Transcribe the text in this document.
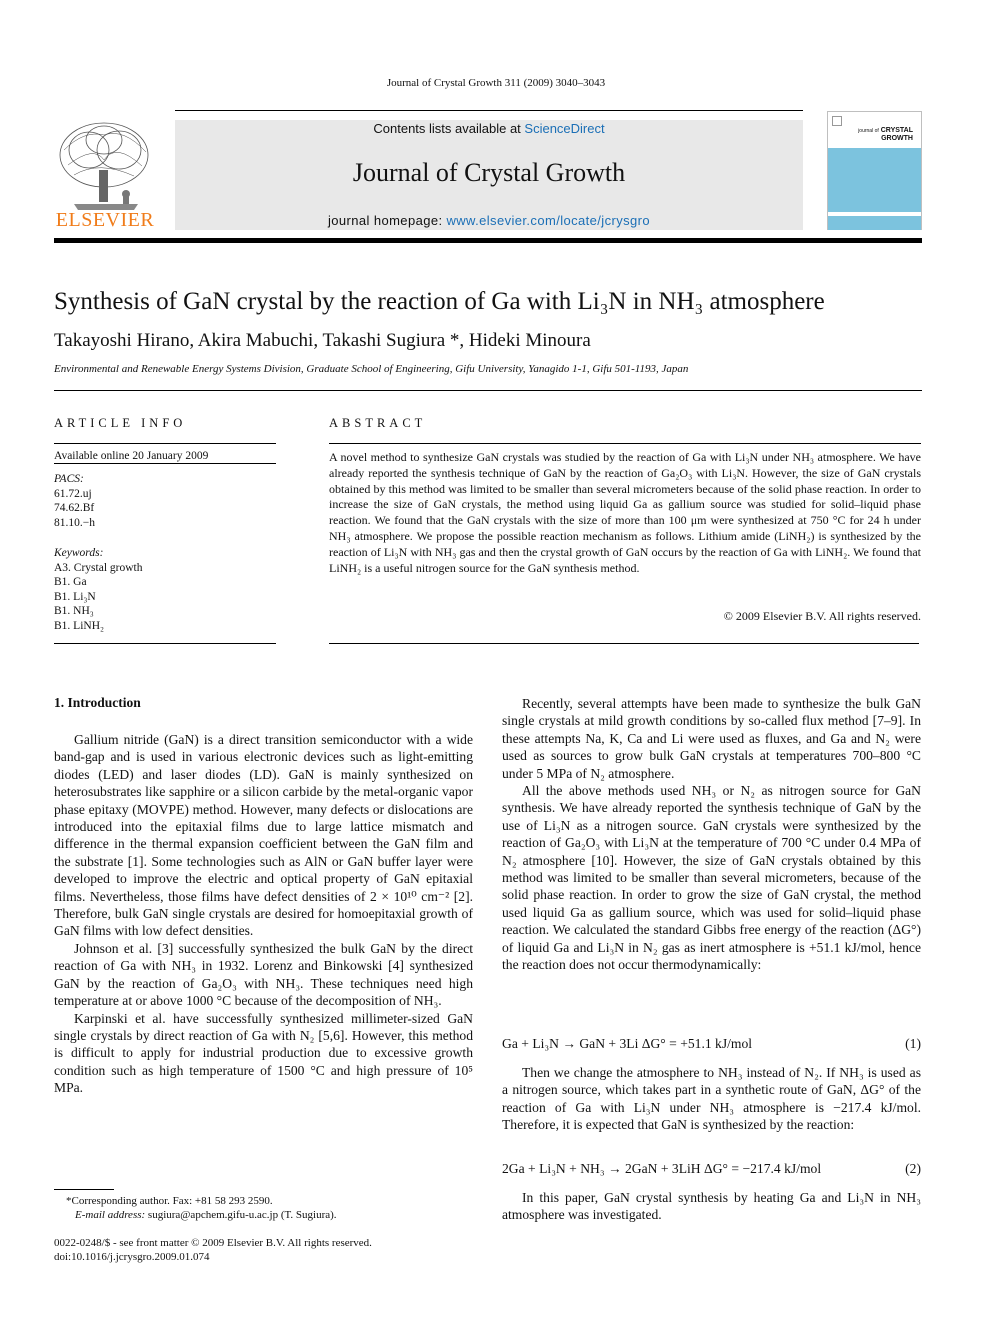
Journal of Crystal Growth 311 (2009) 3040–3043
ELSEVIER
Contents lists available at ScienceDirect
Journal of Crystal Growth
journal homepage: www.elsevier.com/locate/jcrysgro
journal of CRYSTAL
GROWTH
Synthesis of GaN crystal by the reaction of Ga with Li₃N in NH₃ atmosphere
Takayoshi Hirano, Akira Mabuchi, Takashi Sugiura *, Hideki Minoura
Environmental and Renewable Energy Systems Division, Graduate School of Engineering, Gifu University, Yanagido 1-1, Gifu 501-1193, Japan
ARTICLE INFO
Available online 20 January 2009
PACS:
61.72.uj
74.62.Bf
81.10.−h
Keywords:
A3. Crystal growth
B1. Ga
B1. Li₃N
B1. NH₃
B1. LiNH₂
ABSTRACT
A novel method to synthesize GaN crystals was studied by the reaction of Ga with Li₃N under NH₃ atmosphere. We have already reported the synthesis technique of GaN by the reaction of Ga₂O₃ with Li₃N. However, the size of GaN crystals obtained by this method was limited to be smaller than several micrometers because of the solid phase reaction. In order to increase the size of GaN crystals, the method using liquid Ga as gallium source was studied for solid–liquid phase reaction. We found that the GaN crystals with the size of more than 100 μm were synthesized at 750 °C for 24 h under NH₃ atmosphere. We propose the possible reaction mechanism as follows. Lithium amide (LiNH₂) is synthesized by the reaction of Li₃N with NH₃ gas and then the crystal growth of GaN occurs by the reaction of Ga with LiNH₂. We found that LiNH₂ is a useful nitrogen source for the GaN synthesis method.
© 2009 Elsevier B.V. All rights reserved.
1. Introduction

Gallium nitride (GaN) is a direct transition semiconductor with a wide band-gap and is used in various electronic devices such as light-emitting diodes (LED) and laser diodes (LD). GaN is mainly synthesized on heterosubstrates like sapphire or a silicon carbide by the metal-organic vapor phase epitaxy (MOVPE) method. However, many defects or dislocations are introduced into the epitaxial films due to large lattice mismatch and difference in the thermal expansion coefficient between the GaN film and the substrate [1]. Some technologies such as AlN or GaN buffer layer were developed to improve the electric and optical property of GaN epitaxial films. Nevertheless, those films have defect densities of 2 × 10¹⁰ cm⁻² [2]. Therefore, bulk GaN single crystals are desired for homoepitaxial growth of GaN films with low defect densities.

Johnson et al. [3] successfully synthesized the bulk GaN by the direct reaction of Ga with NH₃ in 1932. Lorenz and Binkowski [4] synthesized GaN by the reaction of Ga₂O₃ with NH₃. These techniques need high temperature at or above 1000 °C because of the decomposition of NH₃.

Karpinski et al. have successfully synthesized millimeter-sized GaN single crystals by direct reaction of Ga with N₂ [5,6]. However, this method is difficult to apply for industrial production due to excessive growth condition such as high temperature of 1500 °C and high pressure of 10⁵ MPa.

Recently, several attempts have been made to synthesize the bulk GaN single crystals at mild growth conditions by so-called flux method [7–9]. In these attempts Na, K, Ca and Li were used as fluxes, and Ga and N₂ were used as sources to grow bulk GaN crystals at temperatures 700–800 °C under 5 MPa of N₂ atmosphere.

All the above methods used NH₃ or N₂ as nitrogen source for GaN synthesis. We have already reported the synthesis technique of GaN by the use of Li₃N as a nitrogen source. GaN crystals were synthesized by the reaction of Ga₂O₃ with Li₃N at the temperature of 700 °C under 0.4 MPa of N₂ atmosphere [10]. However, the size of GaN crystals obtained by this method was limited to be smaller than several micrometers, because of the solid phase reaction. In order to grow the size of GaN crystal, the method used liquid Ga as gallium source, which was used for solid–liquid phase reaction. We calculated the standard Gibbs free energy of the reaction (ΔG°) of liquid Ga and Li₃N in N₂ gas as inert atmosphere is +51.1 kJ/mol, hence the reaction does not occur thermodynamically:

Ga + Li₃N → GaN + 3Li ΔG° = +51.1 kJ/mol	(1)

Then we change the atmosphere to NH₃ instead of N₂. If NH₃ is used as a nitrogen source, which takes part in a synthetic route of GaN, ΔG° of the reaction of Ga with Li₃N under NH₃ atmosphere is −217.4 kJ/mol. Therefore, it is expected that GaN is synthesized by the reaction:

2Ga + Li₃N + NH₃ → 2GaN + 3LiH ΔG° = −217.4 kJ/mol	(2)

In this paper, GaN crystal synthesis by heating Ga and Li₃N in NH₃ atmosphere was investigated.

*Corresponding author. Fax: +81 58 293 2590.
E-mail address: sugiura@apchem.gifu-u.ac.jp (T. Sugiura).
0022-0248/$ - see front matter © 2009 Elsevier B.V. All rights reserved.
doi:10.1016/j.jcrysgro.2009.01.074
